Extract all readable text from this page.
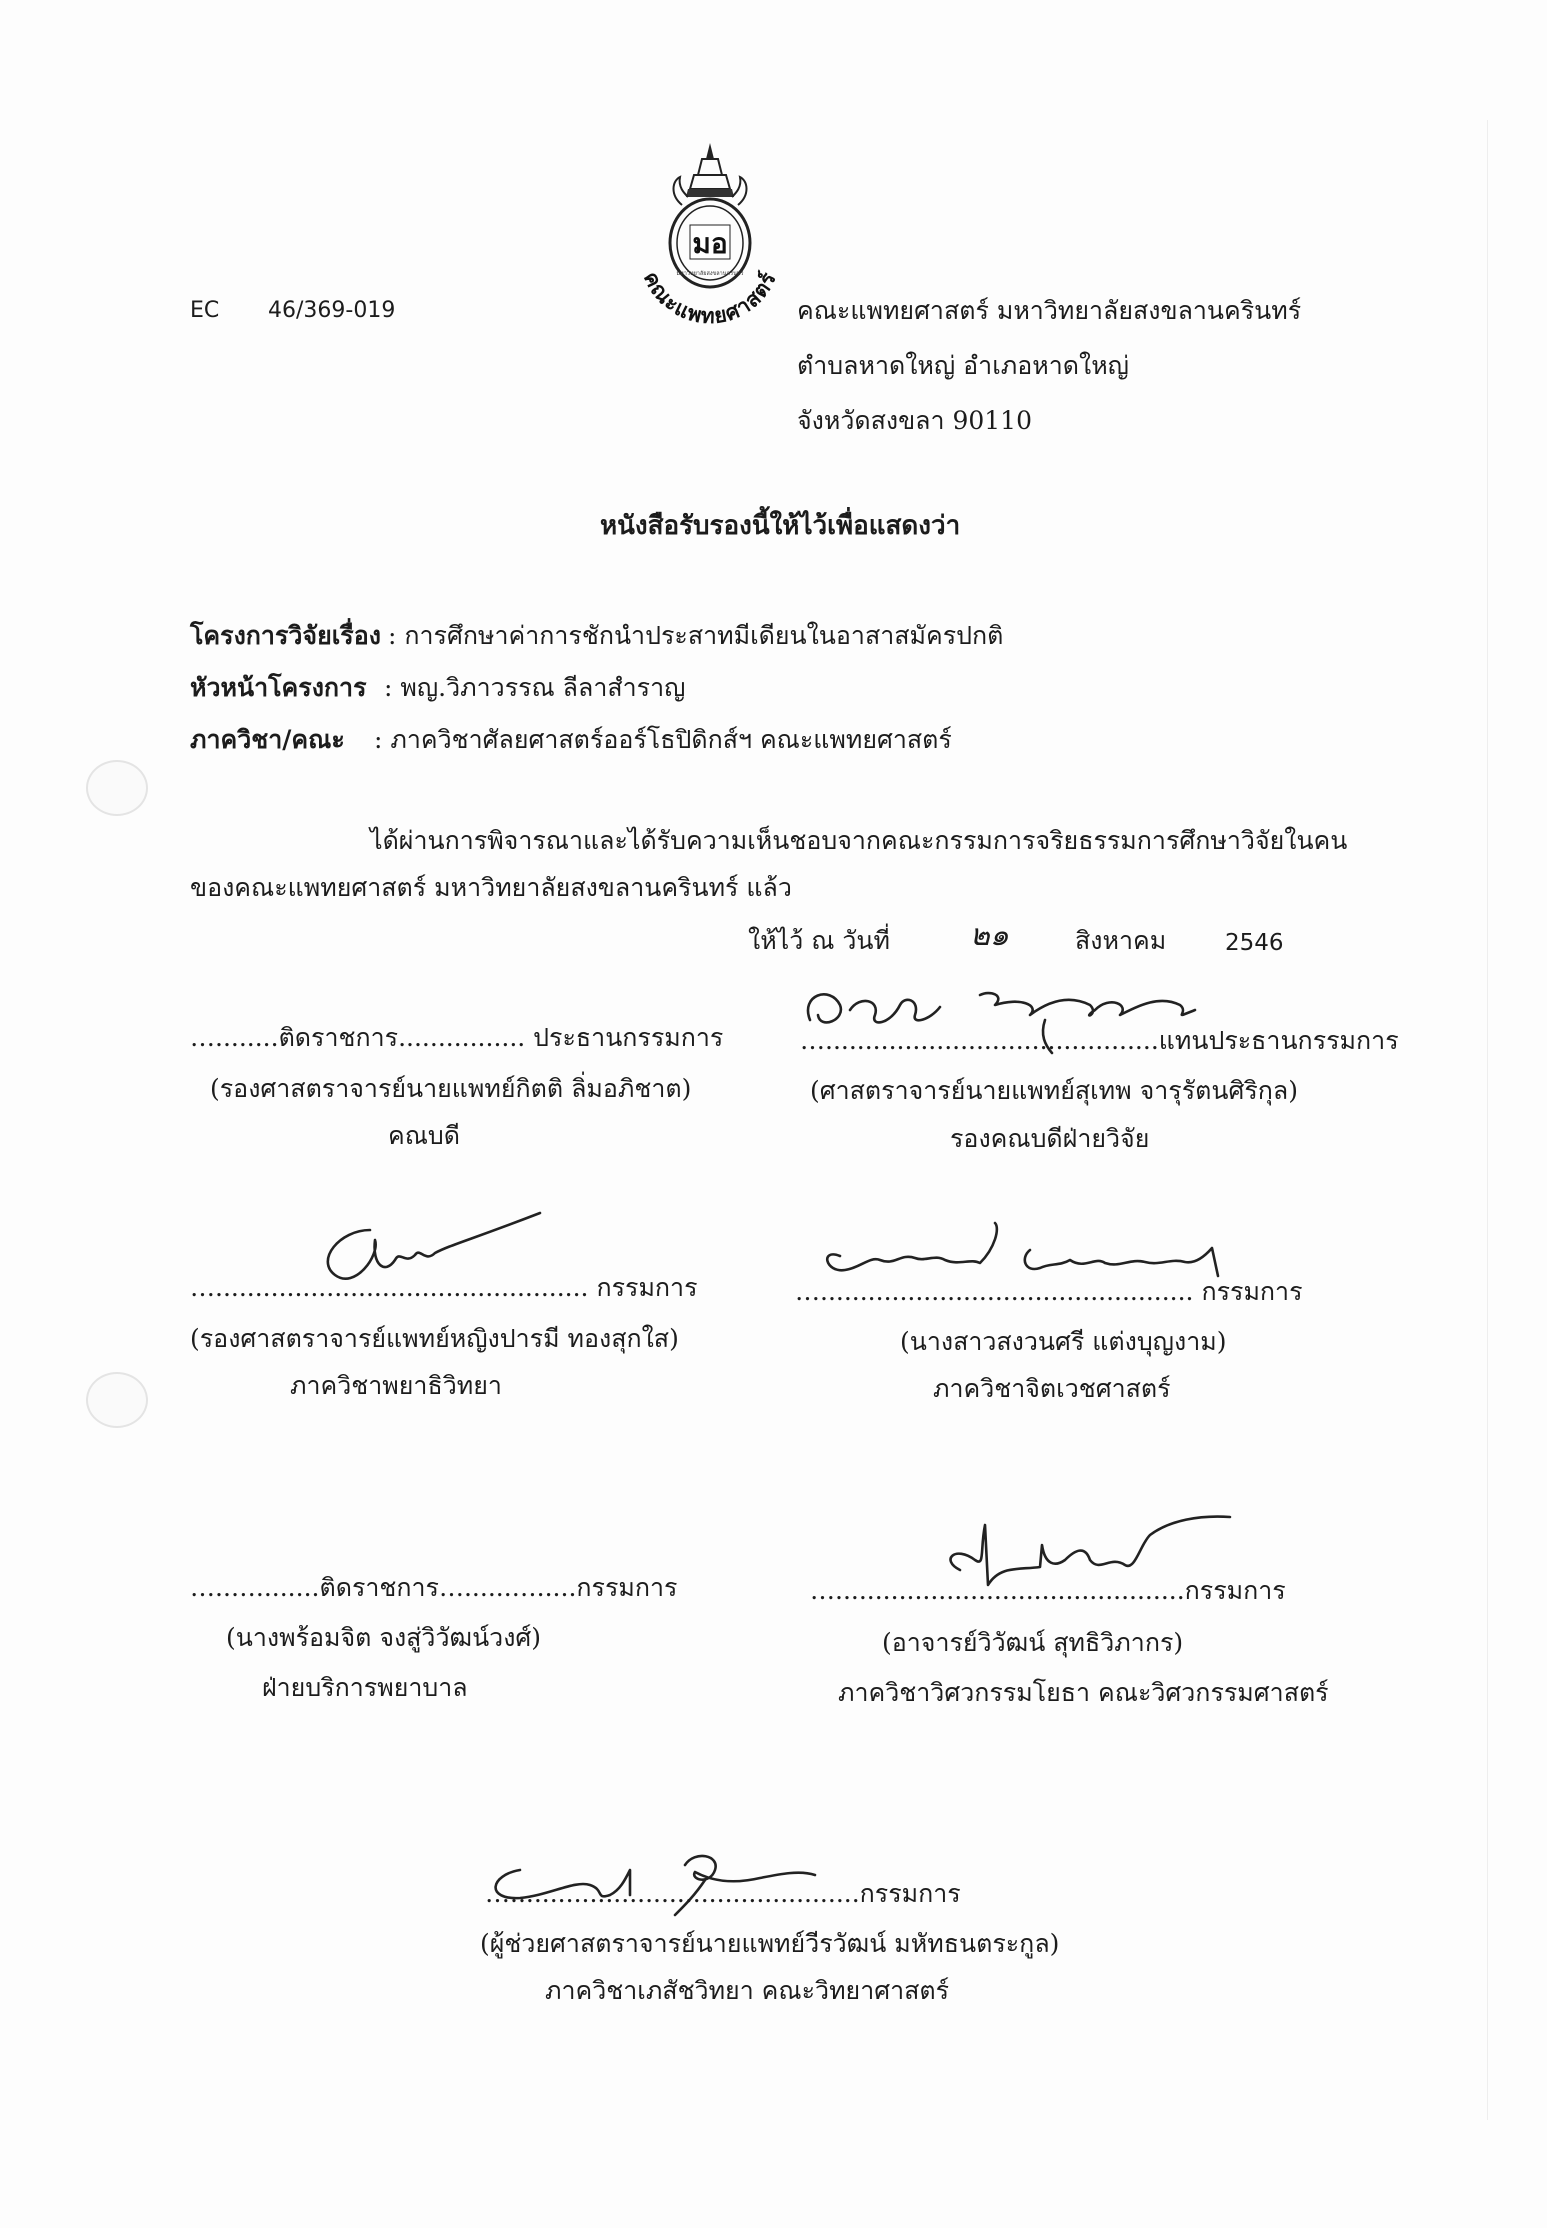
มอ
มหาวิทยาลัยสงขลานครินทร์
คณะแพทยศาสตร์
EC 46/369-019	คณะแพทยศาสตร์ มหาวิทยาลัยสงขลานครินทร์
ตำบลหาดใหญ่ อำเภอหาดใหญ่
จังหวัดสงขลา 90110
หนังสือรับรองนี้ให้ไว้เพื่อแสดงว่า
โครงการวิจัยเรื่อง : การศึกษาค่าการชักนำประสาทมีเดียนในอาสาสมัครปกติ
หัวหน้าโครงการ : พญ.วิภาวรรณ ลีลาสำราญ
ภาควิชา/คณะ : ภาควิชาศัลยศาสตร์ออร์โธปิดิกส์ฯ คณะแพทยศาสตร์
ได้ผ่านการพิจารณาและได้รับความเห็นชอบจากคณะกรรมการจริยธรรมการศึกษาวิจัยในคน
ของคณะแพทยศาสตร์ มหาวิทยาลัยสงขลานครินทร์ แล้ว
ให้ไว้ ณ วันที่	๒๑	สิงหาคม	2546
…........ติดราชการ................ ประธานกรรมการ
(รองศาสตราจารย์นายแพทย์กิตติ ลิ่มอภิชาต)
คณบดี
…..........................................แทนประธานกรรมการ
(ศาสตราจารย์นายแพทย์สุเทพ จารุรัตนศิริกุล)
รองคณบดีฝ่ายวิจัย
…............................................... กรรมการ
(รองศาสตราจารย์แพทย์หญิงปารมี ทองสุกใส)
ภาควิชาพยาธิวิทยา
…............................................... กรรมการ
(นางสาวสงวนศรี แต่งบุญงาม)
ภาควิชาจิตเวชศาสตร์
…..…........ติดราชการ…......….....กรรมการ
(นางพร้อมจิต จงสู่วิวัฒน์วงศ์)
ฝ่ายบริการพยาบาล
…............................................กรรมการ
(อาจารย์วิวัฒน์ สุทธิวิภากร)
ภาควิชาวิศวกรรมโยธา คณะวิศวกรรมศาสตร์
…............................................กรรมการ
(ผู้ช่วยศาสตราจารย์นายแพทย์วีรวัฒน์ มหัทธนตระกูล)
ภาควิชาเภสัชวิทยา คณะวิทยาศาสตร์
